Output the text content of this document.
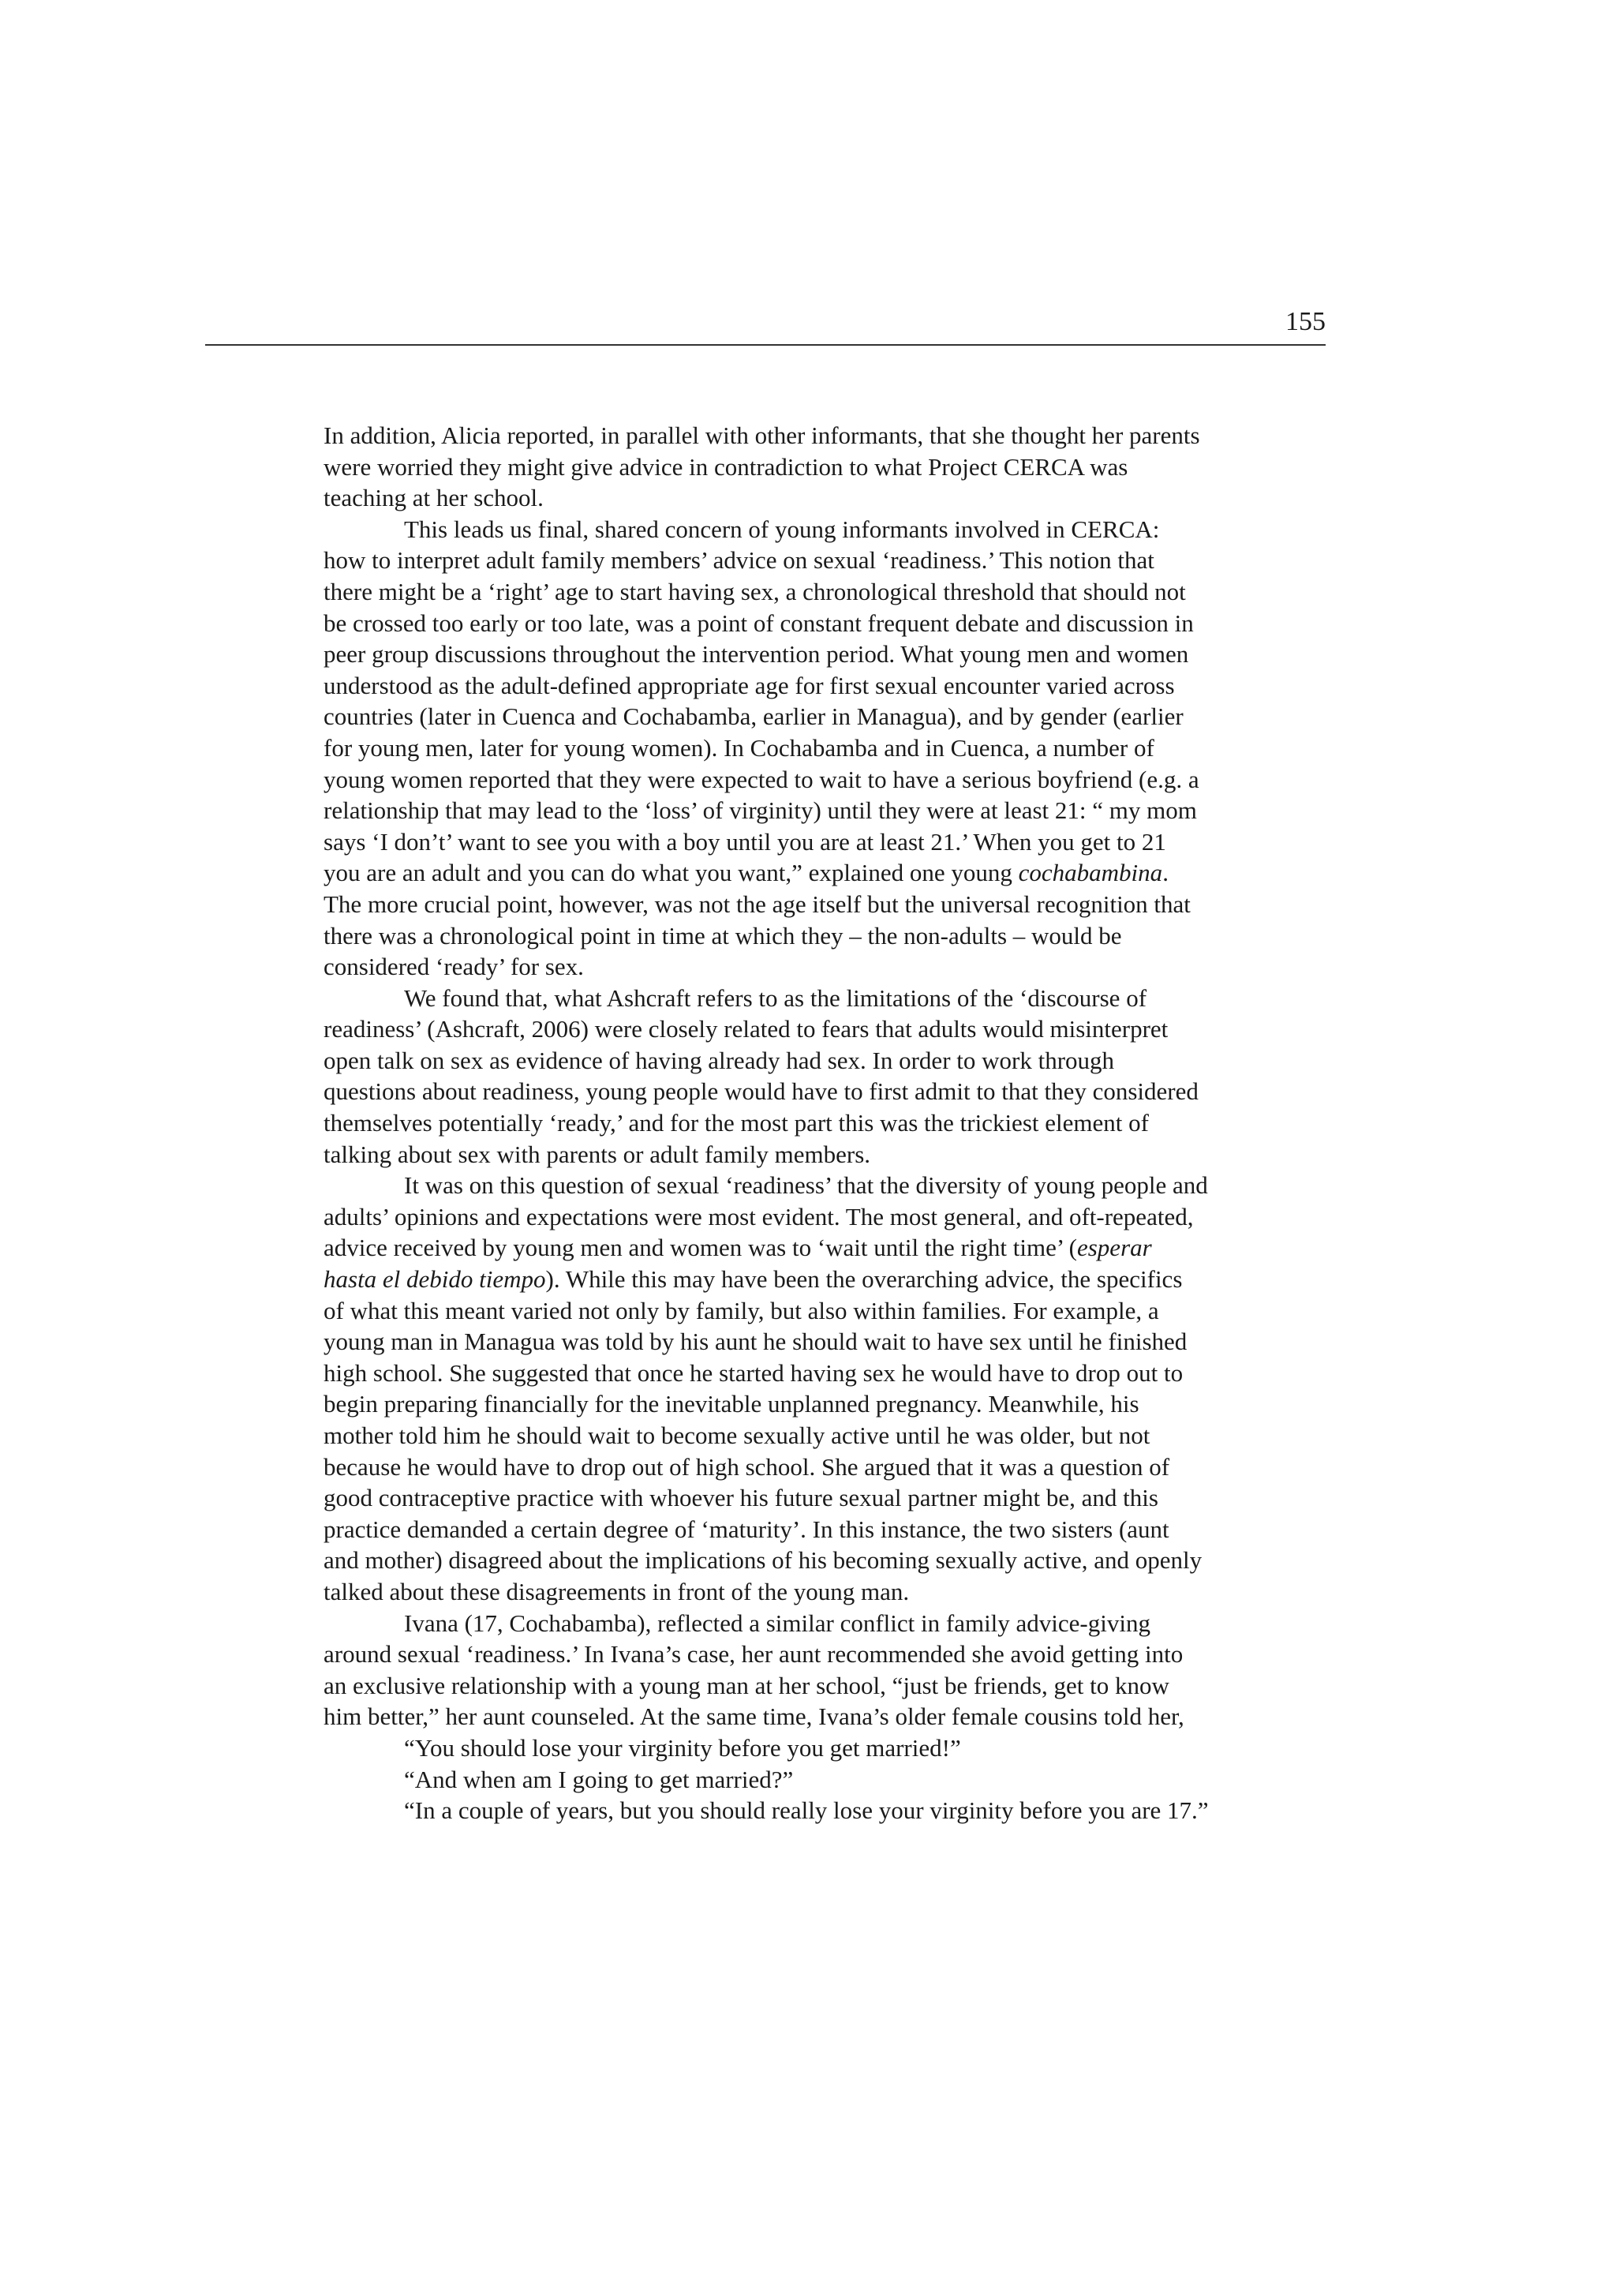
155
In addition, Alicia reported, in parallel with other informants, that she thought her parents
were worried they might give advice in contradiction to what Project CERCA was
teaching at her school.
This leads us final, shared concern of young informants involved in CERCA:
how to interpret adult family members’ advice on sexual ‘readiness.’ This notion that
there might be a ‘right’ age to start having sex, a chronological threshold that should not
be crossed too early or too late, was a point of constant frequent debate and discussion in
peer group discussions throughout the intervention period. What young men and women
understood as the adult-defined appropriate age for first sexual encounter varied across
countries (later in Cuenca and Cochabamba, earlier in Managua), and by gender (earlier
for young men, later for young women). In Cochabamba and in Cuenca, a number of
young women reported that they were expected to wait to have a serious boyfriend (e.g. a
relationship that may lead to the ‘loss’ of virginity) until they were at least 21: “ my mom
says ‘I don’t’ want to see you with a boy until you are at least 21.’ When you get to 21
you are an adult and you can do what you want,” explained one young cochabambina.
The more crucial point, however, was not the age itself but the universal recognition that
there was a chronological point in time at which they – the non-adults – would be
considered ‘ready’ for sex.
We found that, what Ashcraft refers to as the limitations of the ‘discourse of
readiness’ (Ashcraft, 2006) were closely related to fears that adults would misinterpret
open talk on sex as evidence of having already had sex. In order to work through
questions about readiness, young people would have to first admit to that they considered
themselves potentially ‘ready,’ and for the most part this was the trickiest element of
talking about sex with parents or adult family members.
It was on this question of sexual ‘readiness’ that the diversity of young people and
adults’ opinions and expectations were most evident. The most general, and oft-repeated,
advice received by young men and women was to ‘wait until the right time’ (esperar
hasta el debido tiempo). While this may have been the overarching advice, the specifics
of what this meant varied not only by family, but also within families. For example, a
young man in Managua was told by his aunt he should wait to have sex until he finished
high school. She suggested that once he started having sex he would have to drop out to
begin preparing financially for the inevitable unplanned pregnancy. Meanwhile, his
mother told him he should wait to become sexually active until he was older, but not
because he would have to drop out of high school. She argued that it was a question of
good contraceptive practice with whoever his future sexual partner might be, and this
practice demanded a certain degree of ‘maturity’. In this instance, the two sisters (aunt
and mother) disagreed about the implications of his becoming sexually active, and openly
talked about these disagreements in front of the young man.
Ivana (17, Cochabamba), reflected a similar conflict in family advice-giving
around sexual ‘readiness.’ In Ivana’s case, her aunt recommended she avoid getting into
an exclusive relationship with a young man at her school, “just be friends, get to know
him better,” her aunt counseled. At the same time, Ivana’s older female cousins told her,
“You should lose your virginity before you get married!”
“And when am I going to get married?”
“In a couple of years, but you should really lose your virginity before you are 17.”
